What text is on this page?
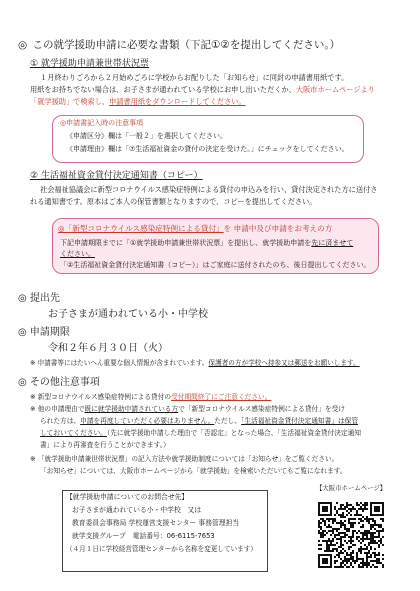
◎ この就学援助申請に必要な書類（下記①②を提出してください。）
① 就学援助申請兼世帯状況票
１月終わりごろから２月始めごろに学校からお配りした「お知らせ」に同封の申請書用紙です。
用紙をお持ちでない場合は、お子さまが通われている学校にお申し出いただくか、大阪市ホームページより
「就学援助」で検索し、申請書用紙をダウンロードしてください。
◎申請書記入時の注意事項
《申請区分》欄は「一般２」を選択してください。
《申請理由》欄は「⑦生活福祉資金の貸付の決定を受けた。」にチェックをしてください。
② 生活福祉資金貸付決定通知書（コピー）
社会福祉協議会に新型コロナウイルス感染症特例による貸付の申込みを行い、貸付決定された方に送付さ
れる通知書です。原本はご本人の保管書類となりますので、コピーを提出してください。
◎「新型コロナウイルス感染症特例による貸付」を 申請中及び申請をお考えの方
下記申請期限までに「①就学援助申請兼世帯状況票」を提出し、就学援助申請を先に済ませて
ください。
「②生活福祉資金貸付決定通知書（コピー）」はご家庭に送付されたのち、後日提出してください。
◎ 提出先
お子さまが通われている小・中学校
◎ 申請期限
令和２年６月３０日（火）
※ 申請書等にはたいへん重要な個人情報が含まれています。保護者の方が学校へ持参又は郵送をお願いします。
◎ その他注意事項
※ 新型コロナウイルス感染症特例による貸付の受付期間終了にご注意ください。
※ 他の申請理由で既に就学援助申請されている方で「新型コロナウイルス感染症特例による貸付」を受け
られた方は、申請を再度していただく必要はありません。ただし、「生活福祉資金貸付決定通知書」は保管
しておいてください。（先に就学援助申請した理由で「否認定」となった場合、「生活福祉資金貸付決定通知
書」により再審査を行うことができます。）
※ 「就学援助申請兼世帯状況票」の記入方法や就学援助制度については「お知らせ」をご覧ください。
「お知らせ」については、大阪市ホームページから「就学援助」を検索いただいてもご覧になれます。
【就学援助申請についてのお問合せ先】
お子さまが通われている小・中学校　又は
教育委員会事務局 学校運営支援センター 事務管理担当
就学支援グループ　電話番号：06-6115-7653
（４月１日に学校経営管理センターから名称を変更しています）
【大阪市ホームページ】
